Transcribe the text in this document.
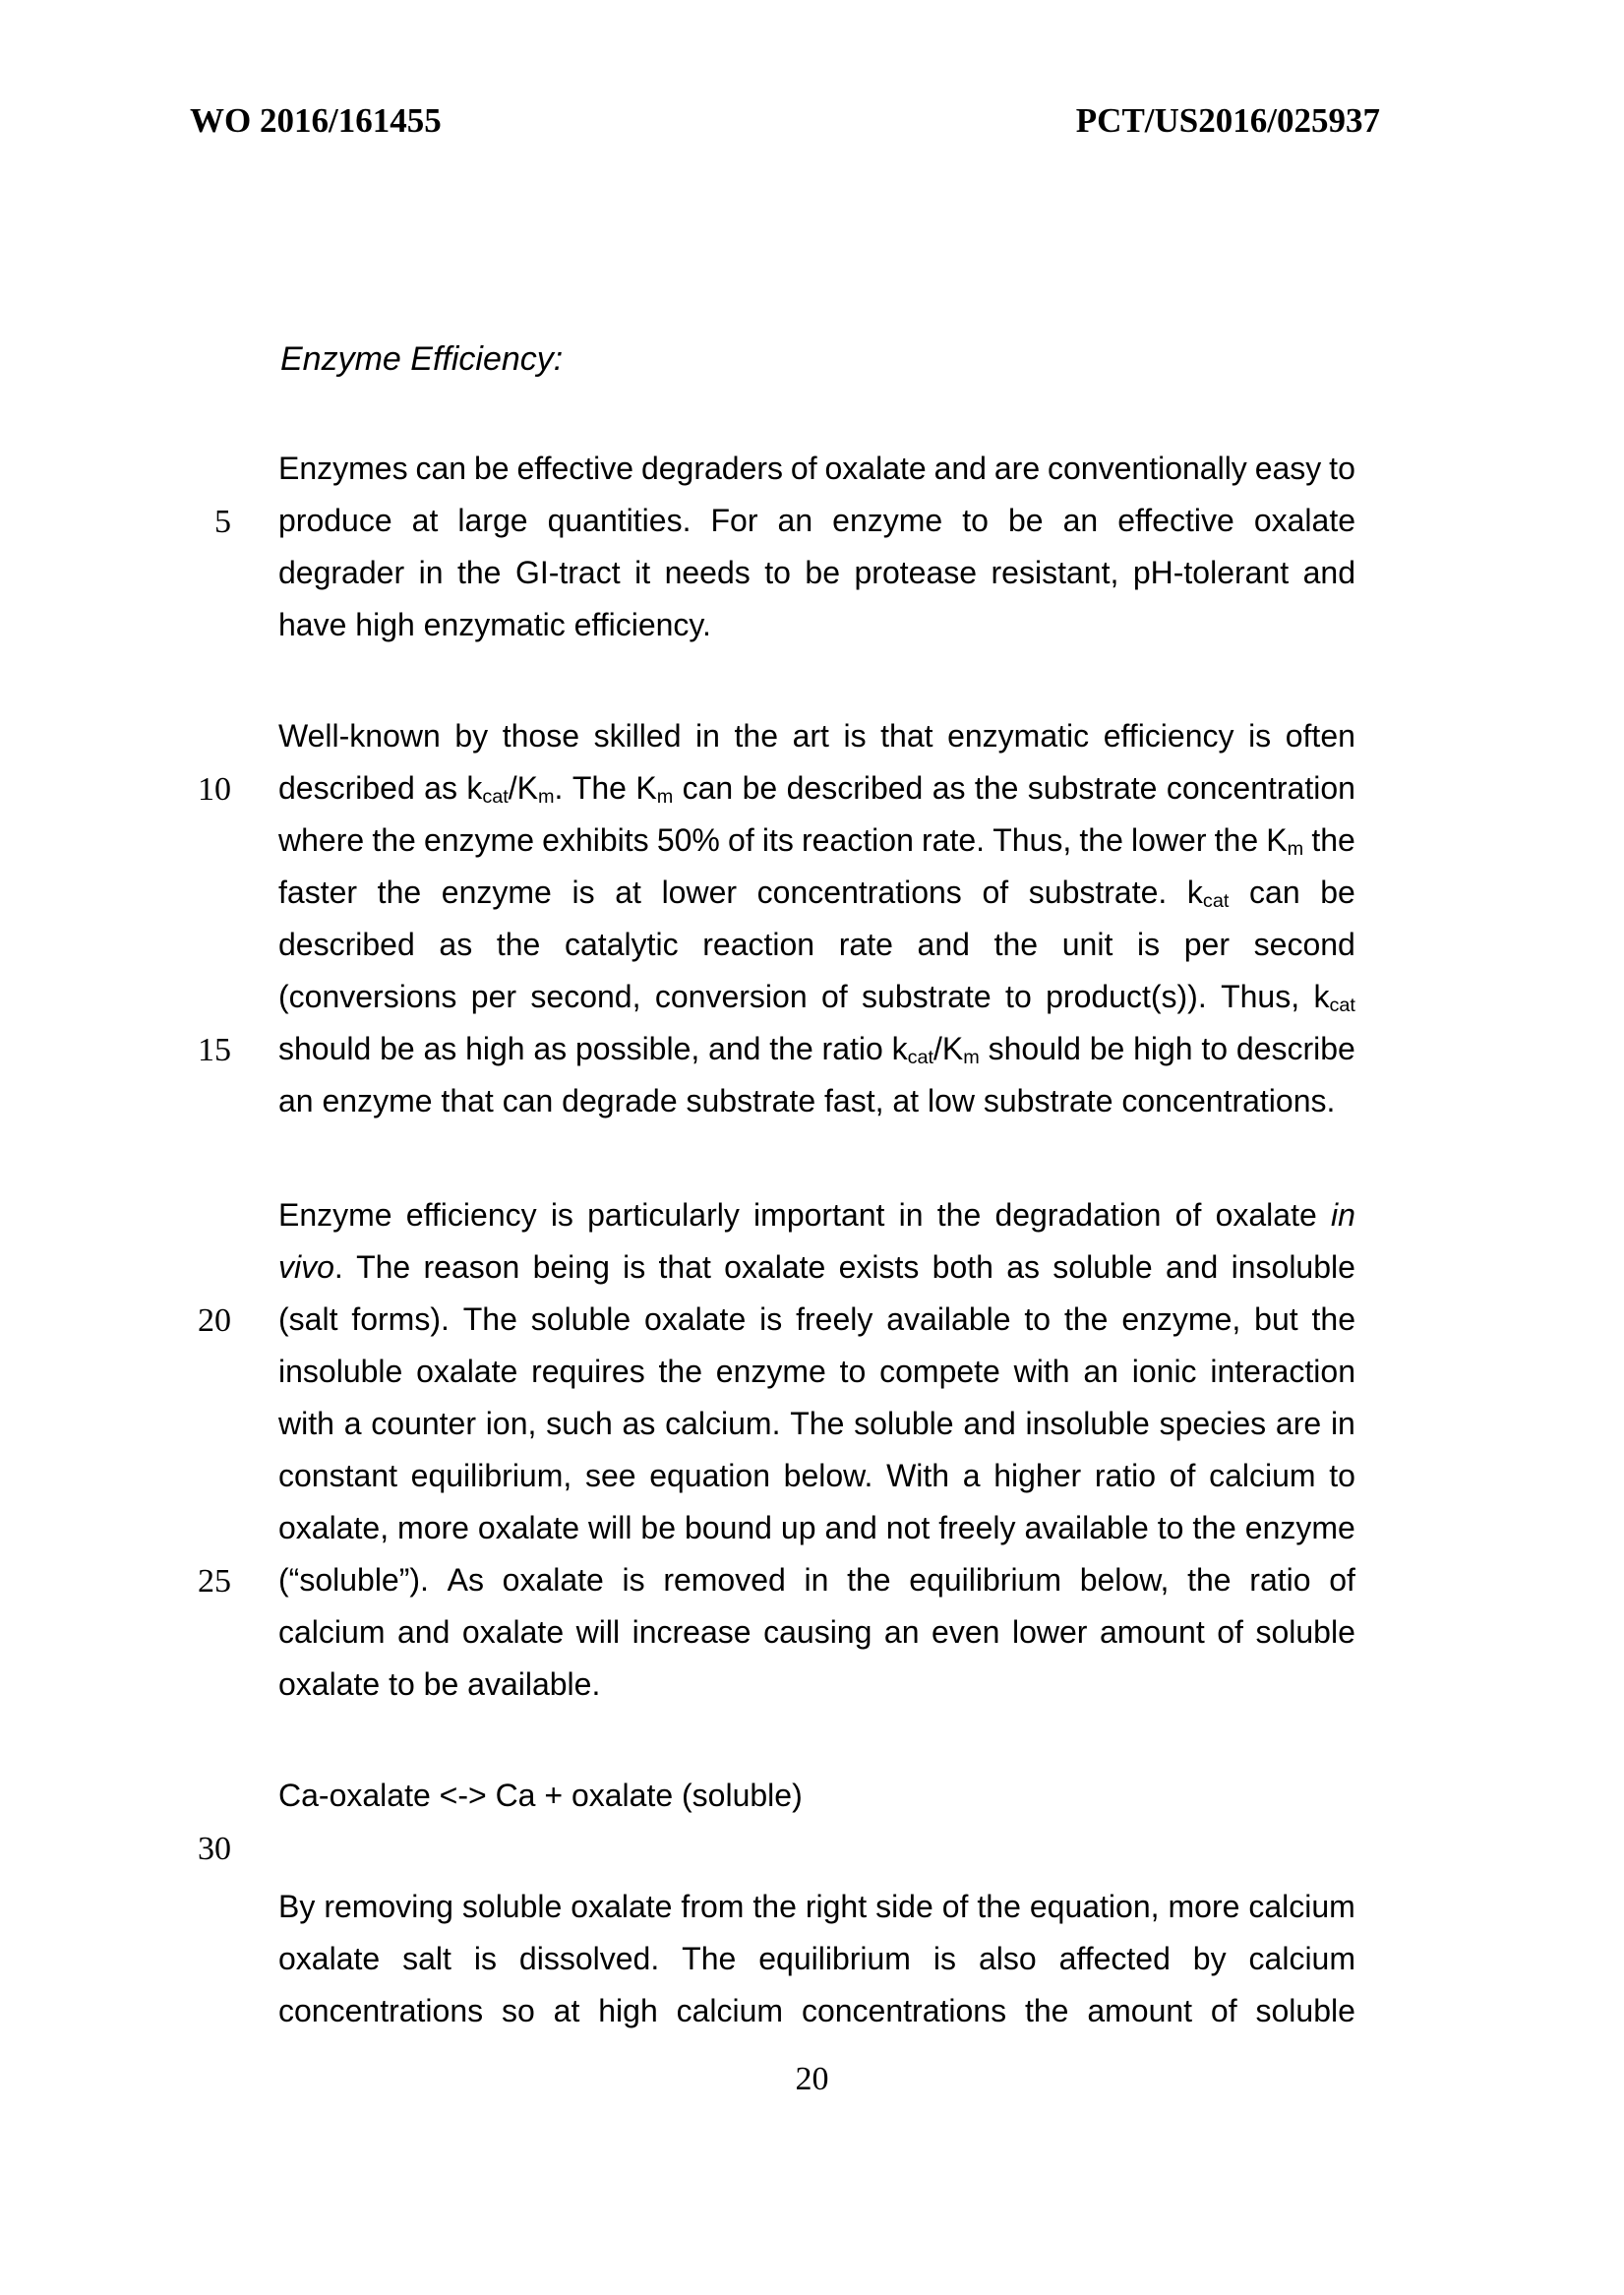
WO 2016/161455	PCT/US2016/025937
Enzyme Efficiency:
5
10
15
20
25
30
Enzymes can be effective degraders of oxalate and are conventionally easy to
produce at large quantities. For an enzyme to be an effective oxalate
degrader in the GI-tract it needs to be protease resistant, pH-tolerant and
have high enzymatic efficiency.
Well-known by those skilled in the art is that enzymatic efficiency is often
described as $k_{cat}/K_m$. The $K_m$ can be described as the substrate concentration
where the enzyme exhibits 50% of its reaction rate. Thus, the lower the $K_m$ the
faster the enzyme is at lower concentrations of substrate. $k_{cat}$ can be
described as the catalytic reaction rate and the unit is per second
(conversions per second, conversion of substrate to product(s)). Thus, $k_{cat}$
should be as high as possible, and the ratio $k_{cat}/K_m$ should be high to describe
an enzyme that can degrade substrate fast, at low substrate concentrations.
Enzyme efficiency is particularly important in the degradation of oxalate in
vivo. The reason being is that oxalate exists both as soluble and insoluble
(salt forms). The soluble oxalate is freely available to the enzyme, but the
insoluble oxalate requires the enzyme to compete with an ionic interaction
with a counter ion, such as calcium. The soluble and insoluble species are in
constant equilibrium, see equation below. With a higher ratio of calcium to
oxalate, more oxalate will be bound up and not freely available to the enzyme
(“soluble”). As oxalate is removed in the equilibrium below, the ratio of
calcium and oxalate will increase causing an even lower amount of soluble
oxalate to be available.
Ca-oxalate <-> Ca + oxalate (soluble)
By removing soluble oxalate from the right side of the equation, more calcium
oxalate salt is dissolved. The equilibrium is also affected by calcium
concentrations so at high calcium concentrations the amount of soluble
20
